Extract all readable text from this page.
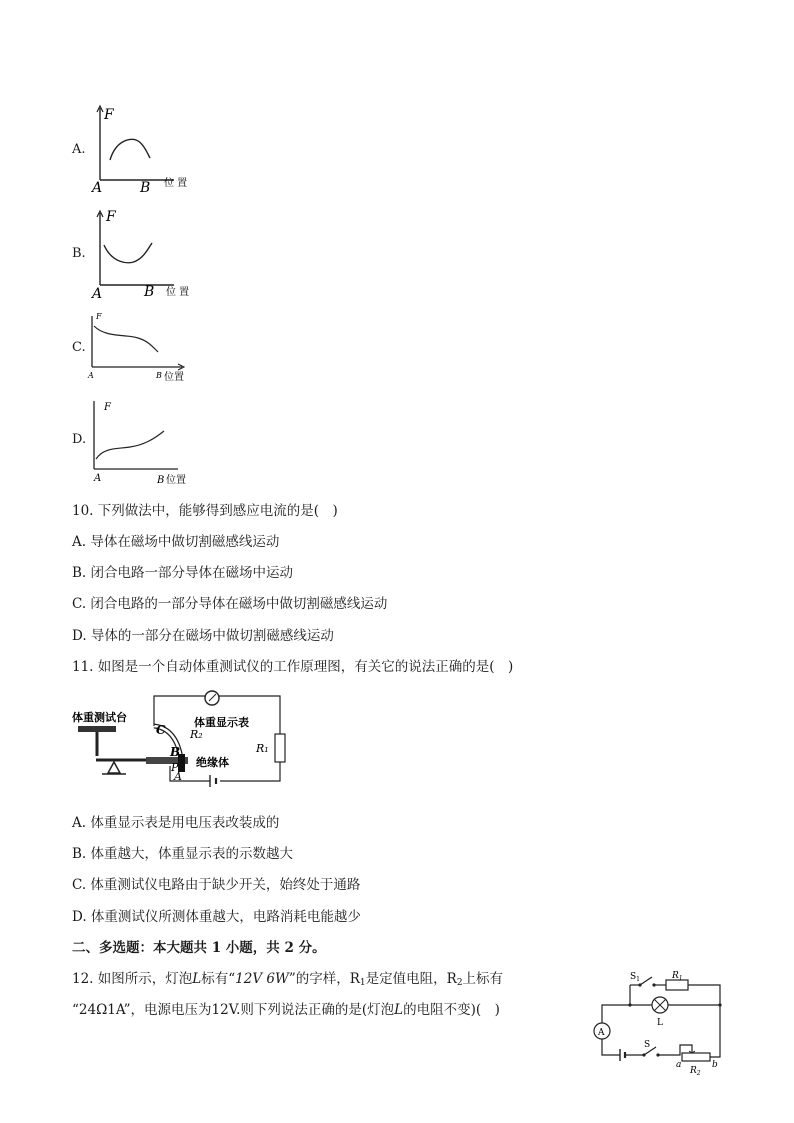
A.
F
A	B 位 置
B.
F
A	B 位 置
C.
F
A	B 位置
D.
F
A	B 位置
10. 下列做法中，能够得到感应电流的是(　)
A. 导体在磁场中做切割磁感线运动
B. 闭合电路一部分导体在磁场中运动
C. 闭合电路的一部分导体在磁场中做切割磁感线运动
D. 导体的一部分在磁场中做切割磁感线运动
11. 如图是一个自动体重测试仪的工作原理图，有关它的说法正确的是(　)
体重测试台	体重显示表
R₂
R₁
绝缘体
C
B
P
A
A. 体重显示表是用电压表改装成的
B. 体重越大，体重显示表的示数越大
C. 体重测试仪电路由于缺少开关，始终处于通路
D. 体重测试仪所测体重越大，电路消耗电能越少
二、多选题：本大题共 1 小题，共 2 分。
12. 如图所示，灯泡L标有“12V 6W”的字样，$R_1$是定值电阻，$R_2$上标有
“24Ω1A”，电源电压为12V.则下列说法正确的是(灯泡L的电阻不变)(　)
$S_1$	$R_1$
L
A
S
$R_2$
a	b
